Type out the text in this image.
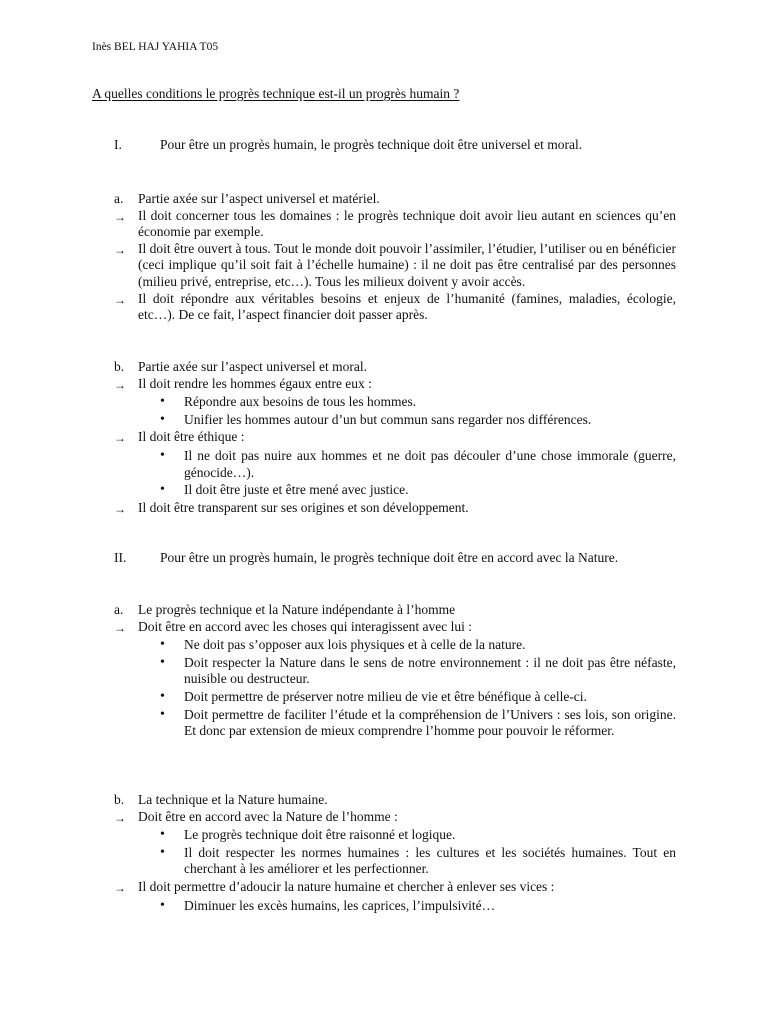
Inès BEL HAJ YAHIA T05
A quelles conditions le progrès technique est-il un progrès humain ?
I.	Pour être un progrès humain, le progrès technique doit être universel et moral.
a.	Partie axée sur l’aspect universel et matériel.
→ Il doit concerner tous les domaines : le progrès technique doit avoir lieu autant en sciences qu’en économie par exemple.
→ Il doit être ouvert à tous. Tout le monde doit pouvoir l’assimiler, l’étudier, l’utiliser ou en bénéficier (ceci implique qu’il soit fait à l’échelle humaine) : il ne doit pas être centralisé par des personnes (milieu privé, entreprise, etc…). Tous les milieux doivent y avoir accès.
→ Il doit répondre aux véritables besoins et enjeux de l’humanité (famines, maladies, écologie, etc…). De ce fait, l’aspect financier doit passer après.
b.	Partie axée sur l’aspect universel et moral.
→ Il doit rendre les hommes égaux entre eux :
•	Répondre aux besoins de tous les hommes.
•	Unifier les hommes autour d’un but commun sans regarder nos différences.
→ Il doit être éthique :
•	Il ne doit pas nuire aux hommes et ne doit pas découler d’une chose immorale (guerre, génocide…).
•	Il doit être juste et être mené avec justice.
→ Il doit être transparent sur ses origines et son développement.
II. Pour être un progrès humain, le progrès technique doit être en accord avec la Nature.
a.	Le progrès technique et la Nature indépendante à l’homme
→ Doit être en accord avec les choses qui interagissent avec lui :
•	Ne doit pas s’opposer aux lois physiques et à celle de la nature.
•	Doit respecter la Nature dans le sens de notre environnement : il ne doit pas être néfaste, nuisible ou destructeur.
•	Doit permettre de préserver notre milieu de vie et être bénéfique à celle-ci.
•	Doit permettre de faciliter l’étude et la compréhension de l’Univers : ses lois, son origine. Et donc par extension de mieux comprendre l’homme pour pouvoir le réformer.
b.	La technique et la Nature humaine.
→ Doit être en accord avec la Nature de l’homme :
•	Le progrès technique doit être raisonné et logique.
•	Il doit respecter les normes humaines : les cultures et les sociétés humaines. Tout en cherchant à les améliorer et les perfectionner.
→ Il doit permettre d’adoucir la nature humaine et chercher à enlever ses vices :
•	Diminuer les excès humains, les caprices, l’impulsivité…
